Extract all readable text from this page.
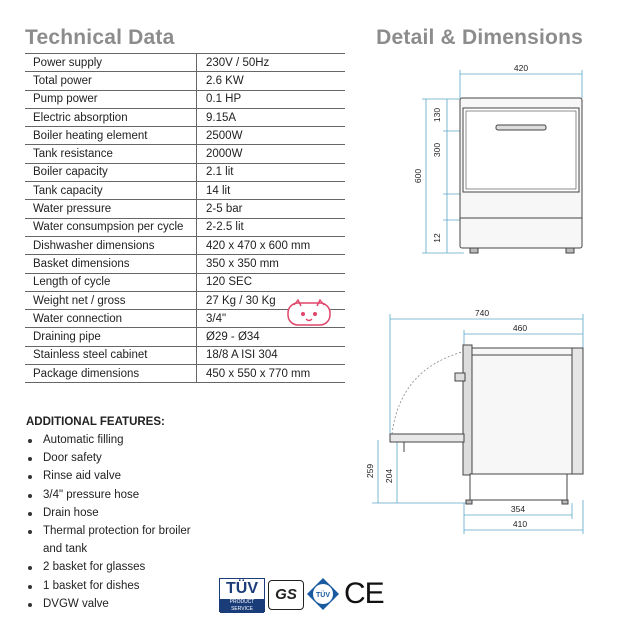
Technical Data	Detail & Dimensions
Power supply	230V / 50Hz
Total power	2.6 KW
Pump power	0.1 HP
Electric absorption	9.15A
Boiler heating element	2500W
Tank resistance	2000W
Boiler capacity	2.1 lit
Tank capacity	14 lit
Water pressure	2-5 bar
Water consumpsion per cycle	2-2.5 lit
Dishwasher dimensions	420 x 470 x 600 mm
Basket dimensions	350 x 350 mm
Length of cycle	120 SEC
Weight net / gross	27 Kg / 30 Kg
Water connection	3/4"
Draining pipe	Ø29 - Ø34
Stainless steel cabinet	18/8 A ISI 304
Package dimensions	450 x 550 x 770 mm
ADDITIONAL FEATURES:
Automatic filling
Door safety
Rinse aid valve
3/4" pressure hose
Drain hose
Thermal protection for broiler and tank
2 basket for glasses
1 basket for dishes
DVGW valve
420
600
130
300
12
740
460
259 204
354
410
TÜV
PRODUCT SERVICE
GS	TÜV CE
